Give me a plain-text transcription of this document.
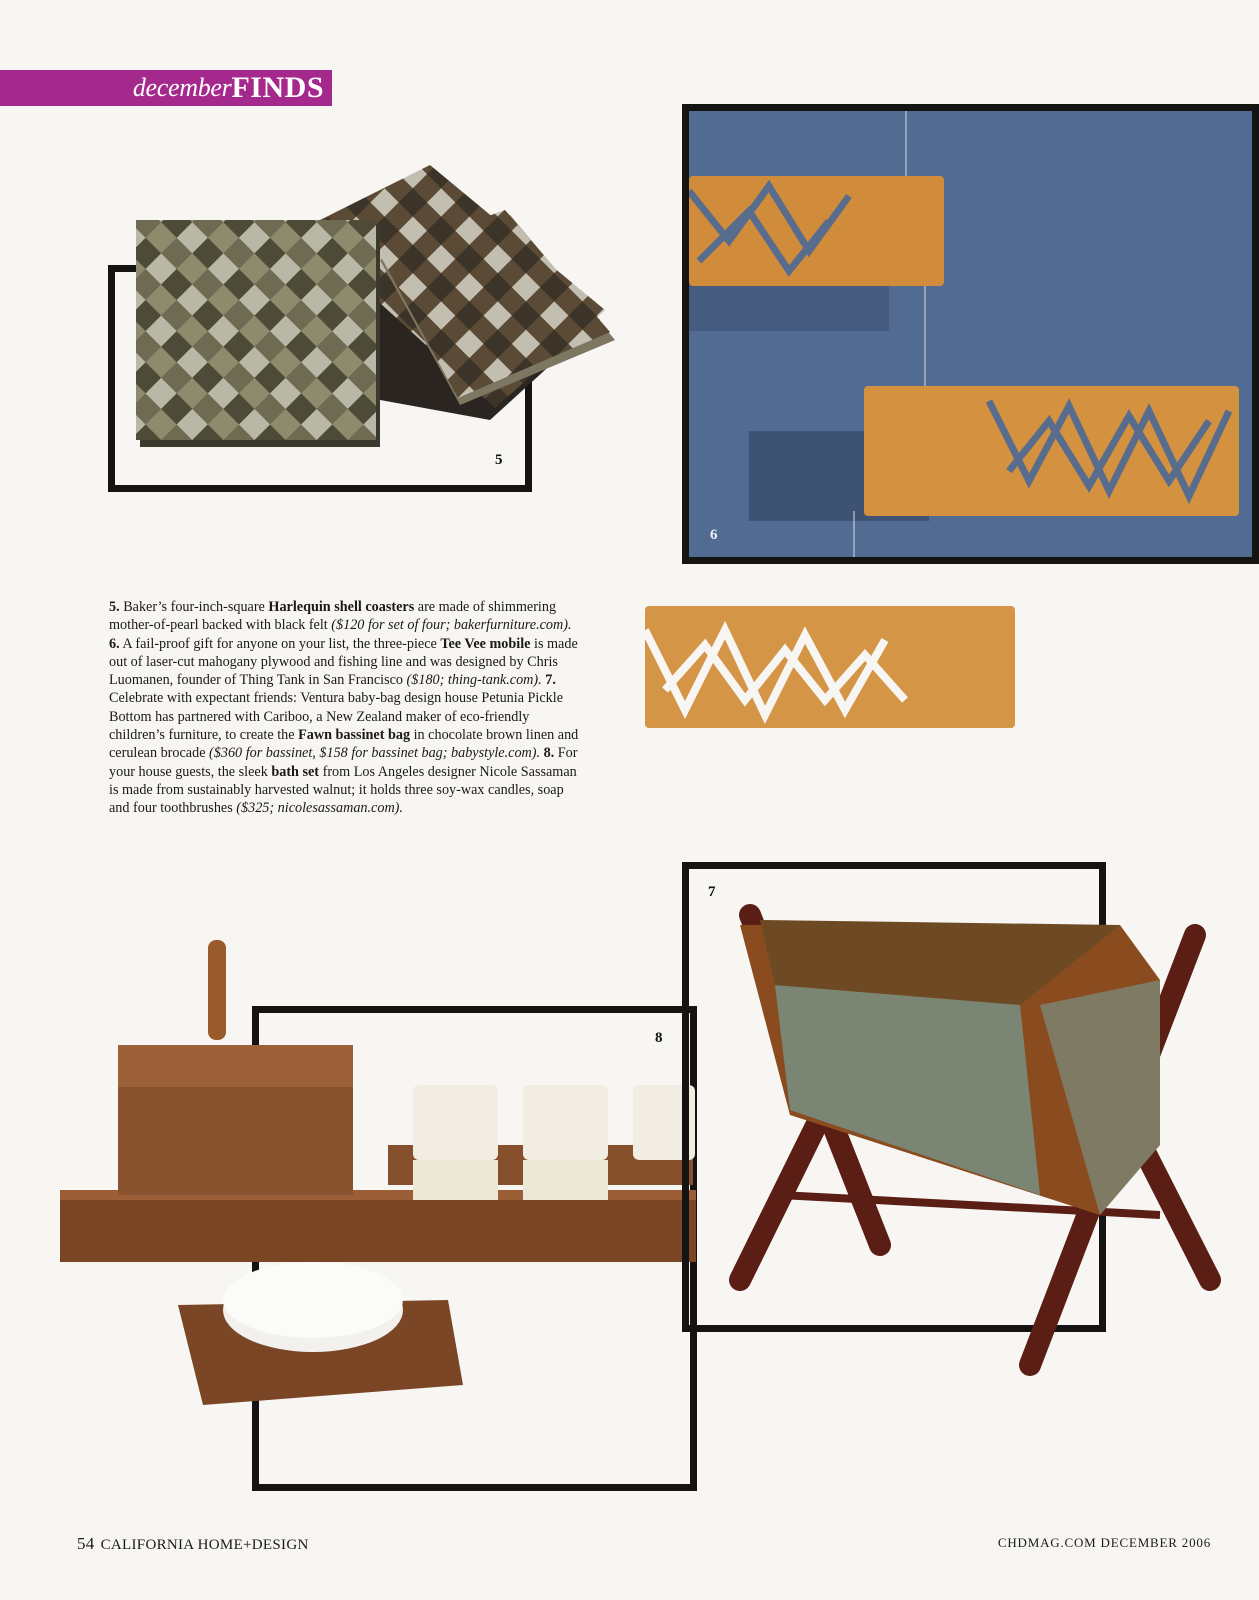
december FINDS
5
6
5. Baker’s four-inch-square Harlequin shell coasters are made of shimmering mother-of-pearl backed with black felt ($120 for set of four; bakerfurniture.com). 6. A fail-proof gift for anyone on your list, the three-piece Tee Vee mobile is made out of laser-cut mahogany plywood and fishing line and was designed by Chris Luomanen, founder of Thing Tank in San Francisco ($180; thing-tank.com). 7. Celebrate with expectant friends: Ventura baby-bag design house Petunia Pickle Bottom has partnered with Cariboo, a New Zealand maker of eco-friendly children’s furniture, to create the Fawn bassinet bag in chocolate brown linen and cerulean brocade ($360 for bassinet, $158 for bassinet bag; babystyle.com). 8. For your house guests, the sleek bath set from Los Angeles designer Nicole Sassaman is made from sustainably harvested walnut; it holds three soy-wax candles, soap and four toothbrushes ($325; nicolesassaman.com).
8
7
54 CALIFORNIA HOME+DESIGN	CHDMAG.COM DECEMBER 2006
